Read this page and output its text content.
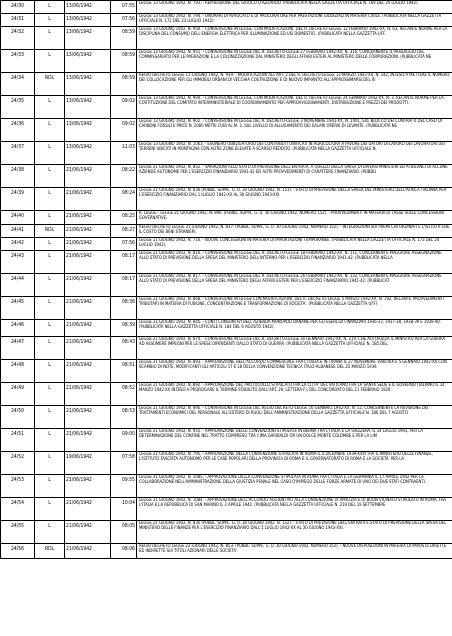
24/30	L	13/06/1942	07:55	LEGGE 13 GIUGNO 1942, N. 793. - REPRESSIONE DEL GIUOCO D'AZZARDO. (PUBBLICATA NELLA GAZZETTA UFFICIALE N. 169 DEL 20 LUGLIO 1942).
24/31	L	13/06/1942	07:56	LEGGE 13 GIUGNO 1942, N. 794. - ONORARI DI AVVOCATO E DI PROCURATORE PER PRESTAZIONI GIUDIZIALI IN MATERIA CIVILE. (PUBBLICATA NELLA GAZZETTA UFFICIALE N. 172 DEL 23 LUGLIO 1942).
24/32	L	13/06/1942	08:59	LEGGE 13 GIUGNO 1942, N. 950. - CONVERSIONE IN LEGGE, CON MODIFICAZIONI, DEL R. DECRETO-LEGGE 12 FEBBRAIO 1942-XX, N. 63, RECANTE NORME PER LA DISCIPLINA DEL CONSUMO DELL'ENERGIA ELETTRICA PER ILLUMINAZIONE ED USI DOMESTICI. (PUBBLICATA NELLA GAZZETTA UFF.
24/33	L	13/06/1942	08:59	LEGGE 13 GIUGNO 1942, N. 951. - CONVERSIONE IN LEGGE DEL R. DECRETO-LEGGE 27 FEBBRAIO 1942-XX, N. 316, CONCERNENTE IL PASSAGGIO DEL COMMISSARIATO PER LE MIGRAZIONI E LA COLONIZZAZIONE DAL MINISTERO DEGLI AFFARI ESTERI AL MINISTERO DELLE CORPORAZIONI. (PUBBLICATA NE
24/34	RDL	13/06/1942	08:59	REGIO DECRETO LEGGE 13 GIUGNO 1942, N. 939. - MODIFICAZIONI ALL'ART. 2 DEL R. DECRETO-LEGGE 12 MARZO 1942-XX, N. 142, INTESO A METTERE IL NUMERO DEI COLLOCAZIONE PER GLI IMMOBILI URBANI DI VECCHIA COSTRUZIONE E DI NUOVO IMPIANTO ALL'APPROSSIMARSI DEL RI
24/35	L	13/06/1942	09:02	LEGGE 13 GIUGNO 1942, N. 900. - CONVERSIONE IN LEGGE, CON MODIFICAZIONI, DEL R. DECRETO-LEGGE 24 GENNAIO 1942-XX, N. 3, RECANTE NORME PER LA COSTITUZIONE DEL COMITATO INTERMINISTERIALE DI COORDINAMENTO PER APPROVVIGIONAMENTI, DISTRIBUZIONE E PREZZI DEI PRODOTTI.
24/36	L	13/06/1942	09:02	LEGGE 13 GIUGNO 1942, N. 902. - CONVERSIONE IN LEGGE DEL R. DECRETO-LEGGE 3 NOVEMBRE 1941-XX, N. 1401, SUL BLOCCO DEI CONTRATTI DEL CASO DI CARBONI FOSSILI E PRICE N. 2000 METRI CUBI AL M. 2, SUL LIVELLO DI ALLUGAMENTO DEI SALARI OPERAI DI LEVANTE. (PUBBLICATA NE
24/37	L	13/06/1942	11:03	LEGGE 13 GIUGNO 1942, N. 1063. - ESONERO OBBLIGATORIO DEI CONTRIBUTI UNIFICATI IN AGRICOLTURA A FAVORE DEI DATORI DI LAVORO DEI LAVORATORI DEI TERRENI UBICATI IN MONTAGNA CON ALTRE ZONE ELEVATE A SCARSO REDDITO. (PUBBLICATA NELLA GAZZETTA UFFICIALE N.
24/38	L	21/06/1942	08:22	LEGGE 21 GIUGNO 1942, N. 852. - VARIAZIONI ALLO STATO DI PREVISIONE DELL'ENTRATA, A QUELLO DELLA SPESA DI DIVERSI MINISTERI ED AI BILANCI DI ALCUNE AZIENDE AUTONOME PER L'ESERCIZIO FINANZIARIO 1941-42 ED ALTRI PROVVEDIMENTI DI CARATTERE FINANZIARIO. (PUBBLI
24/39	L	21/06/1942	08:24	LEGGE 21 GIUGNO 1942, N. 836 (PUBBL. SUPPL. G. U. 30 GIUGNO 1942, N. 151). - STATO DI PREVISIONE DELLA SPESA DEL MINISTERO DELL'AFRICA ITALIANA PER L'ESERCIZIO FINANZIARIO DAL 1 LUGLIO 1942-XX AL 30 GIUGNO 1943-XXI.
24/40	L	21/06/1942	08:25	R. LEGGE - LEGGE 21 GIUGNO 1942, N. 896. (PUBBL. SUPPL. G. U. 30 GIUGNO 1942, NUMERO 152). - PROVVEDIMENTI IN MATERIA DI TASSE SULLE CONCESSIONI GOVERNATIVE.
24/41	RDL	21/06/1942	08:27	REGIO DECRETO LEGGE 21 GIUGNO 1942, N. 837. (PUBBL. SUPPL. G. U. 30 GIUGNO 1942, NUMERO 152). - INTEGRAZIONI SUI PREMI CHI ORDINATI E L'ISTITUTI CHE IL COSTO DEI BENI STRANIERI.
24/42	L	21/06/1942	07:56	LEGGE 21 GIUGNO 1942, N. 716. - NUOVE CONCESSIONI IN MATERIA DI IMPORTAZIONI TEMPORANEE. (PUBBLICATA NELLA GAZZETTA UFFICIALE N. 173 DEL 24 LUGLIO 1942).
24/43	L	21/06/1942	08:17	LEGGE 21 GIUGNO 1942, N. 816. - CONVERSIONE IN LEGGE DEL R. DECRETO-LEGGE 18 FEBBRAIO 1942-XX, N. 111, CONCERNENTE MAGGIORE ASSEGNAZIONE ALLO STATO DI PREVISIONE DELLA SPESA DEL MINISTERO DELL'INTERNO PER L'ESERCIZIO FINANZIARIO 1941-42. (PUBBLICATA NELLA
24/44	L	21/06/1942	08:17	LEGGE 21 GIUGNO 1942, N. 817. - CONVERSIONE IN LEGGE DEL R. DECRETO-LEGGE 26 FEBBRAIO 1942-XX, N. 132, CONCERNENTE MAGGIORE ASSEGNAZIONE ALLO STATO DI PREVISIONE DELLA SPESA DEL MINISTERO DEGLI AFFARI ESTERI PER L'ESERCIZIO FINANZIARIO 1941-42. (PUBBLICAT
24/45	L	21/06/1942	08:36	LEGGE 21 GIUGNO 1942, N. 868. - CONVERSIONE IN LEGGE CON MODIFICAZIONI, DEL R. DECRETO-LEGGE 5 MARZO 1942-XX, N. 192, RECANTE PROVVEDIMENTI TRIBUTARI IN MATERIA DI FUSIONE, CONCENTRAZIONE E TRASFORMAZIONE DI SOCIETA'. (PUBBLICATA NELLA GAZZETTA UFFI
24/46	L	21/06/1942	08:39	LEGGE 21 GIUGNO 1942, N. 845. - CONTI CONSUNTIVI DELL'AZIENDA MONOPOLI BANANE PER GLI ESERCIZI FINANZIARI 1936-37, 1937-38, 1938-39 E 1939-40. (PUBBLICATA NELLA GAZZETTA UFFICIALE N. 184 DEL 6 AGOSTO 1942).
24/47	L	21/06/1942	08:43	LEGGE 21 GIUGNO 1942, N. 874. - CONVERSIONE IN LEGGE DEL R. DECRETO-LEGGE 30 GENNAIO 1942-XX, N. 219, CHE AUTORIZZA IL MINISTRO PER LA GUERRA AD ASSUMERE IMPEGNI PER LE SPESE DIPENDENTI DALLO STATO DI GUERRA. (PUBBLICATA NELLA GAZZETTA UFFICIALE N. 185 DEL
24/48	L	21/06/1942	08:51	LEGGE 21 GIUGNO 1942, N. 893. - APPROVAZIONE DELL'ACCORDO COMMERCIALE FRA L'ITALIA E IN TIRANA IL 27 NOVEMBRE 1940-XIX E 5 GENNAIO 1942-XX CON SCAMBIO DI NOTE, MODIFICANTI GLI ARTICOLI 17 E 18 DELLA CONVENZIONE TECNICA ITALO-ALBANESE DEL 25 MARZO 1939.
24/49	L	21/06/1942	08:52	LEGGE 21 GIUGNO 1942, N. 892. - APPROVAZIONE DEL PROTOCOLLO STIPULATO FRA LA CITTA' DEL VATICANO FRA LA SANTA SEDE E IL GOVERNO ITALIANO IL 14 MARZO 1942-XX INTESO A PROROGARE IL TERMINE STABILITO DALL'ART. 29, LETTERA F), DEL CONCORDATO DEL 11 FEBBRAIO 1929.
24/50	L	21/06/1942	08:53	LEGGE 21 GIUGNO 1942, N. 895. - CONVERSIONE IN LEGGE DEL REGIO DECRETO-LEGGE 16 GENNAIO 1942-XX, N. 52, CONCERNENTE LA REVISIONE DEI TRATTAMENTI ECONOMICI DEL PERSONALE ALL'ESTERO DI RUOLI DELL'AMMINISTRAZIONE DELLA GAZZETTA UFFICIALE N. 186 DEL 7 AGOSTO
24/51	L	21/06/1942	09:00	LEGGE 21 GIUGNO 1942, N. 955. - APPROVAZIONE DELLE CONVENZIONI STIPULATE IN BERNA TRA L'ITALIA E LA SVIZZERA, IL 14 LUGLIO 1941, PER LA DETERMINAZIONE DEL CONFINE NEL TRATTO COMPRESO TRA CIMA GARIBALDI OR UN DOLCE MONTE COLOMBE E PER LA LIM
24/52	L	19/06/1942	07:58	LEGGE 21 GIUGNO 1942, N. 795. - APPROVAZIONE DELLA CONVENZIONE STIPULATA IN ROMA IL 4 DICEMBRE 1939-XVIII TRA IL MINISTERO DELLE FINANZE, L'ISTITUTO FASCISTA AUTONOMO PER LE CASE POPOLARI DELLA PROVINCIA DI ROMA E IL GOVERNATORATO DI ROMA E LA SOCIETA' PER LA
24/53	L	21/06/1942	09:55	LEGGE 21 GIUGNO 1942, N. 1085. - APPROVAZIONE DELLA CONVENZIONE STIPULATA IN ROMA FRA L'ITALIA E LA GERMANIA IL 17 APRILE 1942 PER LA COLLABORAZIONE NELL'AMMINISTRAZIONE DELLA GIUSTIZIA PENALE NEL CASO D'IMPIEGO DELLE FORZE ARMATE DI UNO DEI DUE STATI CONTRAENTI.
24/54	L	21/06/1942	10:04	LEGGE 21 GIUGNO 1942, N. 1084. - APPROVAZIONE DELL'ACCORDO AGGIUNTIVO ALLA CONVENZIONE DI AMICIZIA E DI BUON VICINATO STIPULATO IN ROMA, FRA L'ITALIA E LA REPUBBLICA DI SAN MARINO IL 2 APRILE 1942. (PUBBLICATA NELLA GAZZETTA UFFICIALE N. 219 DEL 19 SETTEMBRE
24/55	L	21/06/1942	08:05	LEGGE 21 GIUGNO 1942, N. 835 (PUBBL. SUPPL. G. U. 30 GIUGNO 1942, N. 152). - STATO DI PREVISIONE DELL'ENTRATA E STATO DI PREVISIONE DELLA SPESA DEL MINISTERO DELLE FINANZE PER L'ESERCIZIO FINANZIARIO DALL'1 LUGLIO 1942-XX AL 30 GIUGNO 1943-XXI.
24/56	RDL	21/06/1942	08:06	REGIO DECRETO LEGGE 22 GIUGNO 1942, N. 853. (PUBBL. SUPPL. G. U. 30 GIUGNO 1942, NUMERO 152). - NUOVE DISPOSIZIONI IN MATERIA DI IMPOSTE DIRETTE ED INDIRETTE SUI TITOLI AZIONARI DELLE SOCIETA'.
